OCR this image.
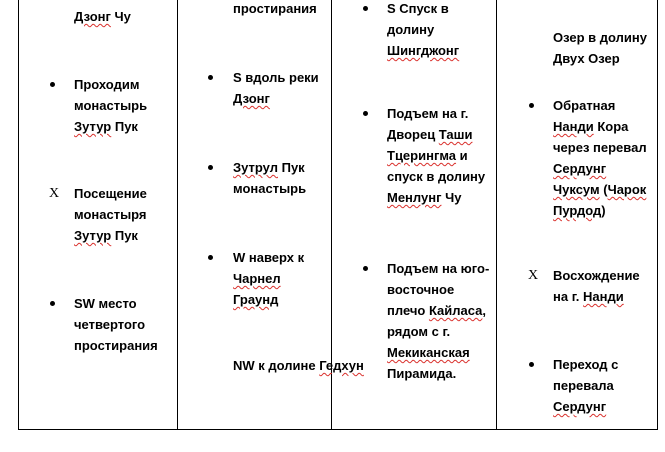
Дзонг Чу
Проходим
монастырь
Зутур Пук
X Посещение
монастыря
Зутур Пук
SW место
четвертого
простирания
простирания
S вдоль реки
Дзонг
Зутрул Пук
монастырь
W наверх к
Чарнел
Граунд
NW к долине Гедхун
S Спуск в
долину
Шингджонг
Подъем на г.
Дворец Таши
Тцерингма и
спуск в долину
Менлунг Чу
Подъем на юго-
восточное
плечо Кайласа,
рядом с г.
Мекиканская
Пирамида.
Озер в долину
Двух Озер
Обратная
Нанди Кора
через перевал
Сердунг
Чуксум (Чарок
Пурдод)
X Восхождение
на г. Нанди
Переход с
перевала
Сердунг
